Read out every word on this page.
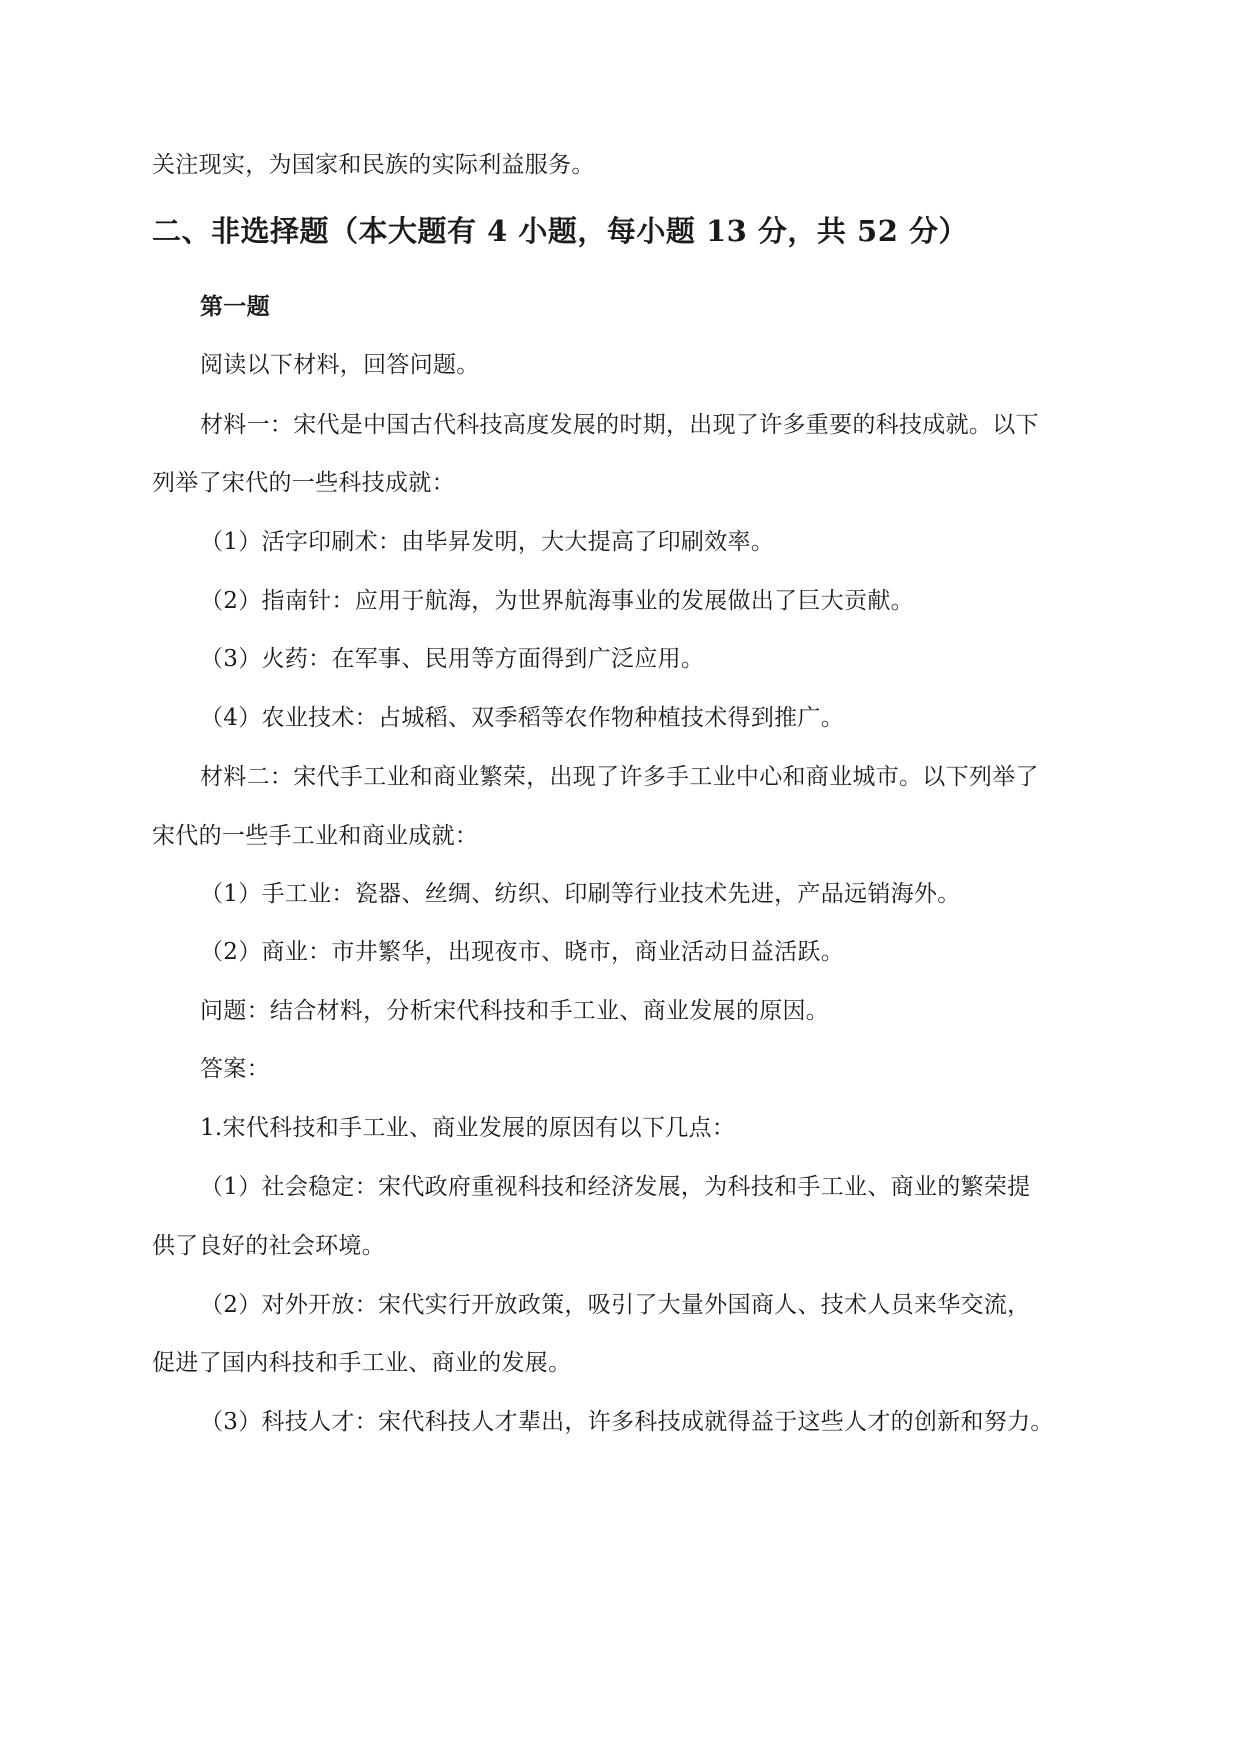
关注现实，为国家和民族的实际利益服务。
二、非选择题（本大题有 4 小题，每小题 13 分，共 52 分）
第一题
阅读以下材料，回答问题。
材料一：宋代是中国古代科技高度发展的时期，出现了许多重要的科技成就。以下
列举了宋代的一些科技成就：
（1）活字印刷术：由毕昇发明，大大提高了印刷效率。
（2）指南针：应用于航海，为世界航海事业的发展做出了巨大贡献。
（3）火药：在军事、民用等方面得到广泛应用。
（4）农业技术：占城稻、双季稻等农作物种植技术得到推广。
材料二：宋代手工业和商业繁荣，出现了许多手工业中心和商业城市。以下列举了
宋代的一些手工业和商业成就：
（1）手工业：瓷器、丝绸、纺织、印刷等行业技术先进，产品远销海外。
（2）商业：市井繁华，出现夜市、晓市，商业活动日益活跃。
问题：结合材料，分析宋代科技和手工业、商业发展的原因。
答案：
1.宋代科技和手工业、商业发展的原因有以下几点：
（1）社会稳定：宋代政府重视科技和经济发展，为科技和手工业、商业的繁荣提
供了良好的社会环境。
（2）对外开放：宋代实行开放政策，吸引了大量外国商人、技术人员来华交流，
促进了国内科技和手工业、商业的发展。
（3）科技人才：宋代科技人才辈出，许多科技成就得益于这些人才的创新和努力。
